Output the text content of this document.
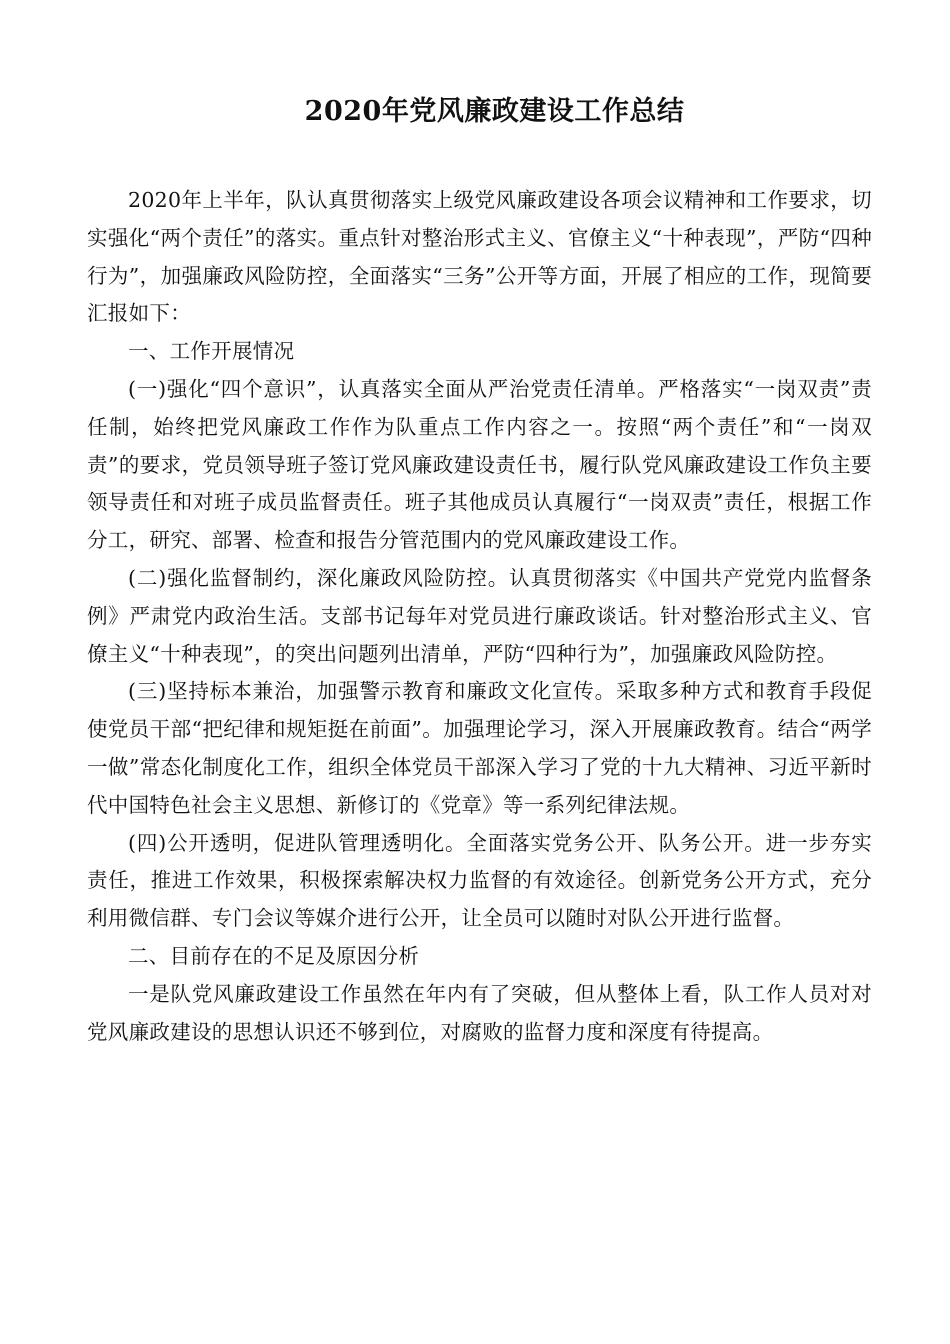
2020年党风廉政建设工作总结

2020年上半年，队认真贯彻落实上级党风廉政建设各项会议精神和工作要求，切实强化“两个责任”的落实。重点针对整治形式主义、官僚主义“十种表现”，严防“四种行为”，加强廉政风险防控，全面落实“三务”公开等方面，开展了相应的工作，现简要汇报如下：

一、工作开展情况

(一)强化“四个意识”，认真落实全面从严治党责任清单。严格落实“一岗双责”责任制，始终把党风廉政工作作为队重点工作内容之一。按照“两个责任”和“一岗双责”的要求，党员领导班子签订党风廉政建设责任书，履行队党风廉政建设工作负主要领导责任和对班子成员监督责任。班子其他成员认真履行“一岗双责”责任，根据工作分工，研究、部署、检查和报告分管范围内的党风廉政建设工作。

(二)强化监督制约，深化廉政风险防控。认真贯彻落实《中国共产党党内监督条例》严肃党内政治生活。支部书记每年对党员进行廉政谈话。针对整治形式主义、官僚主义“十种表现”，的突出问题列出清单，严防“四种行为”，加强廉政风险防控。

(三)坚持标本兼治，加强警示教育和廉政文化宣传。采取多种方式和教育手段促使党员干部“把纪律和规矩挺在前面”。加强理论学习，深入开展廉政教育。结合“两学一做”常态化制度化工作，组织全体党员干部深入学习了党的十九大精神、习近平新时代中国特色社会主义思想、新修订的《党章》等一系列纪律法规。

(四)公开透明，促进队管理透明化。全面落实党务公开、队务公开。进一步夯实责任，推进工作效果，积极探索解决权力监督的有效途径。创新党务公开方式，充分利用微信群、专门会议等媒介进行公开，让全员可以随时对队公开进行监督。

二、目前存在的不足及原因分析

一是队党风廉政建设工作虽然在年内有了突破，但从整体上看，队工作人员对对党风廉政建设的思想认识还不够到位，对腐败的监督力度和深度有待提高。
